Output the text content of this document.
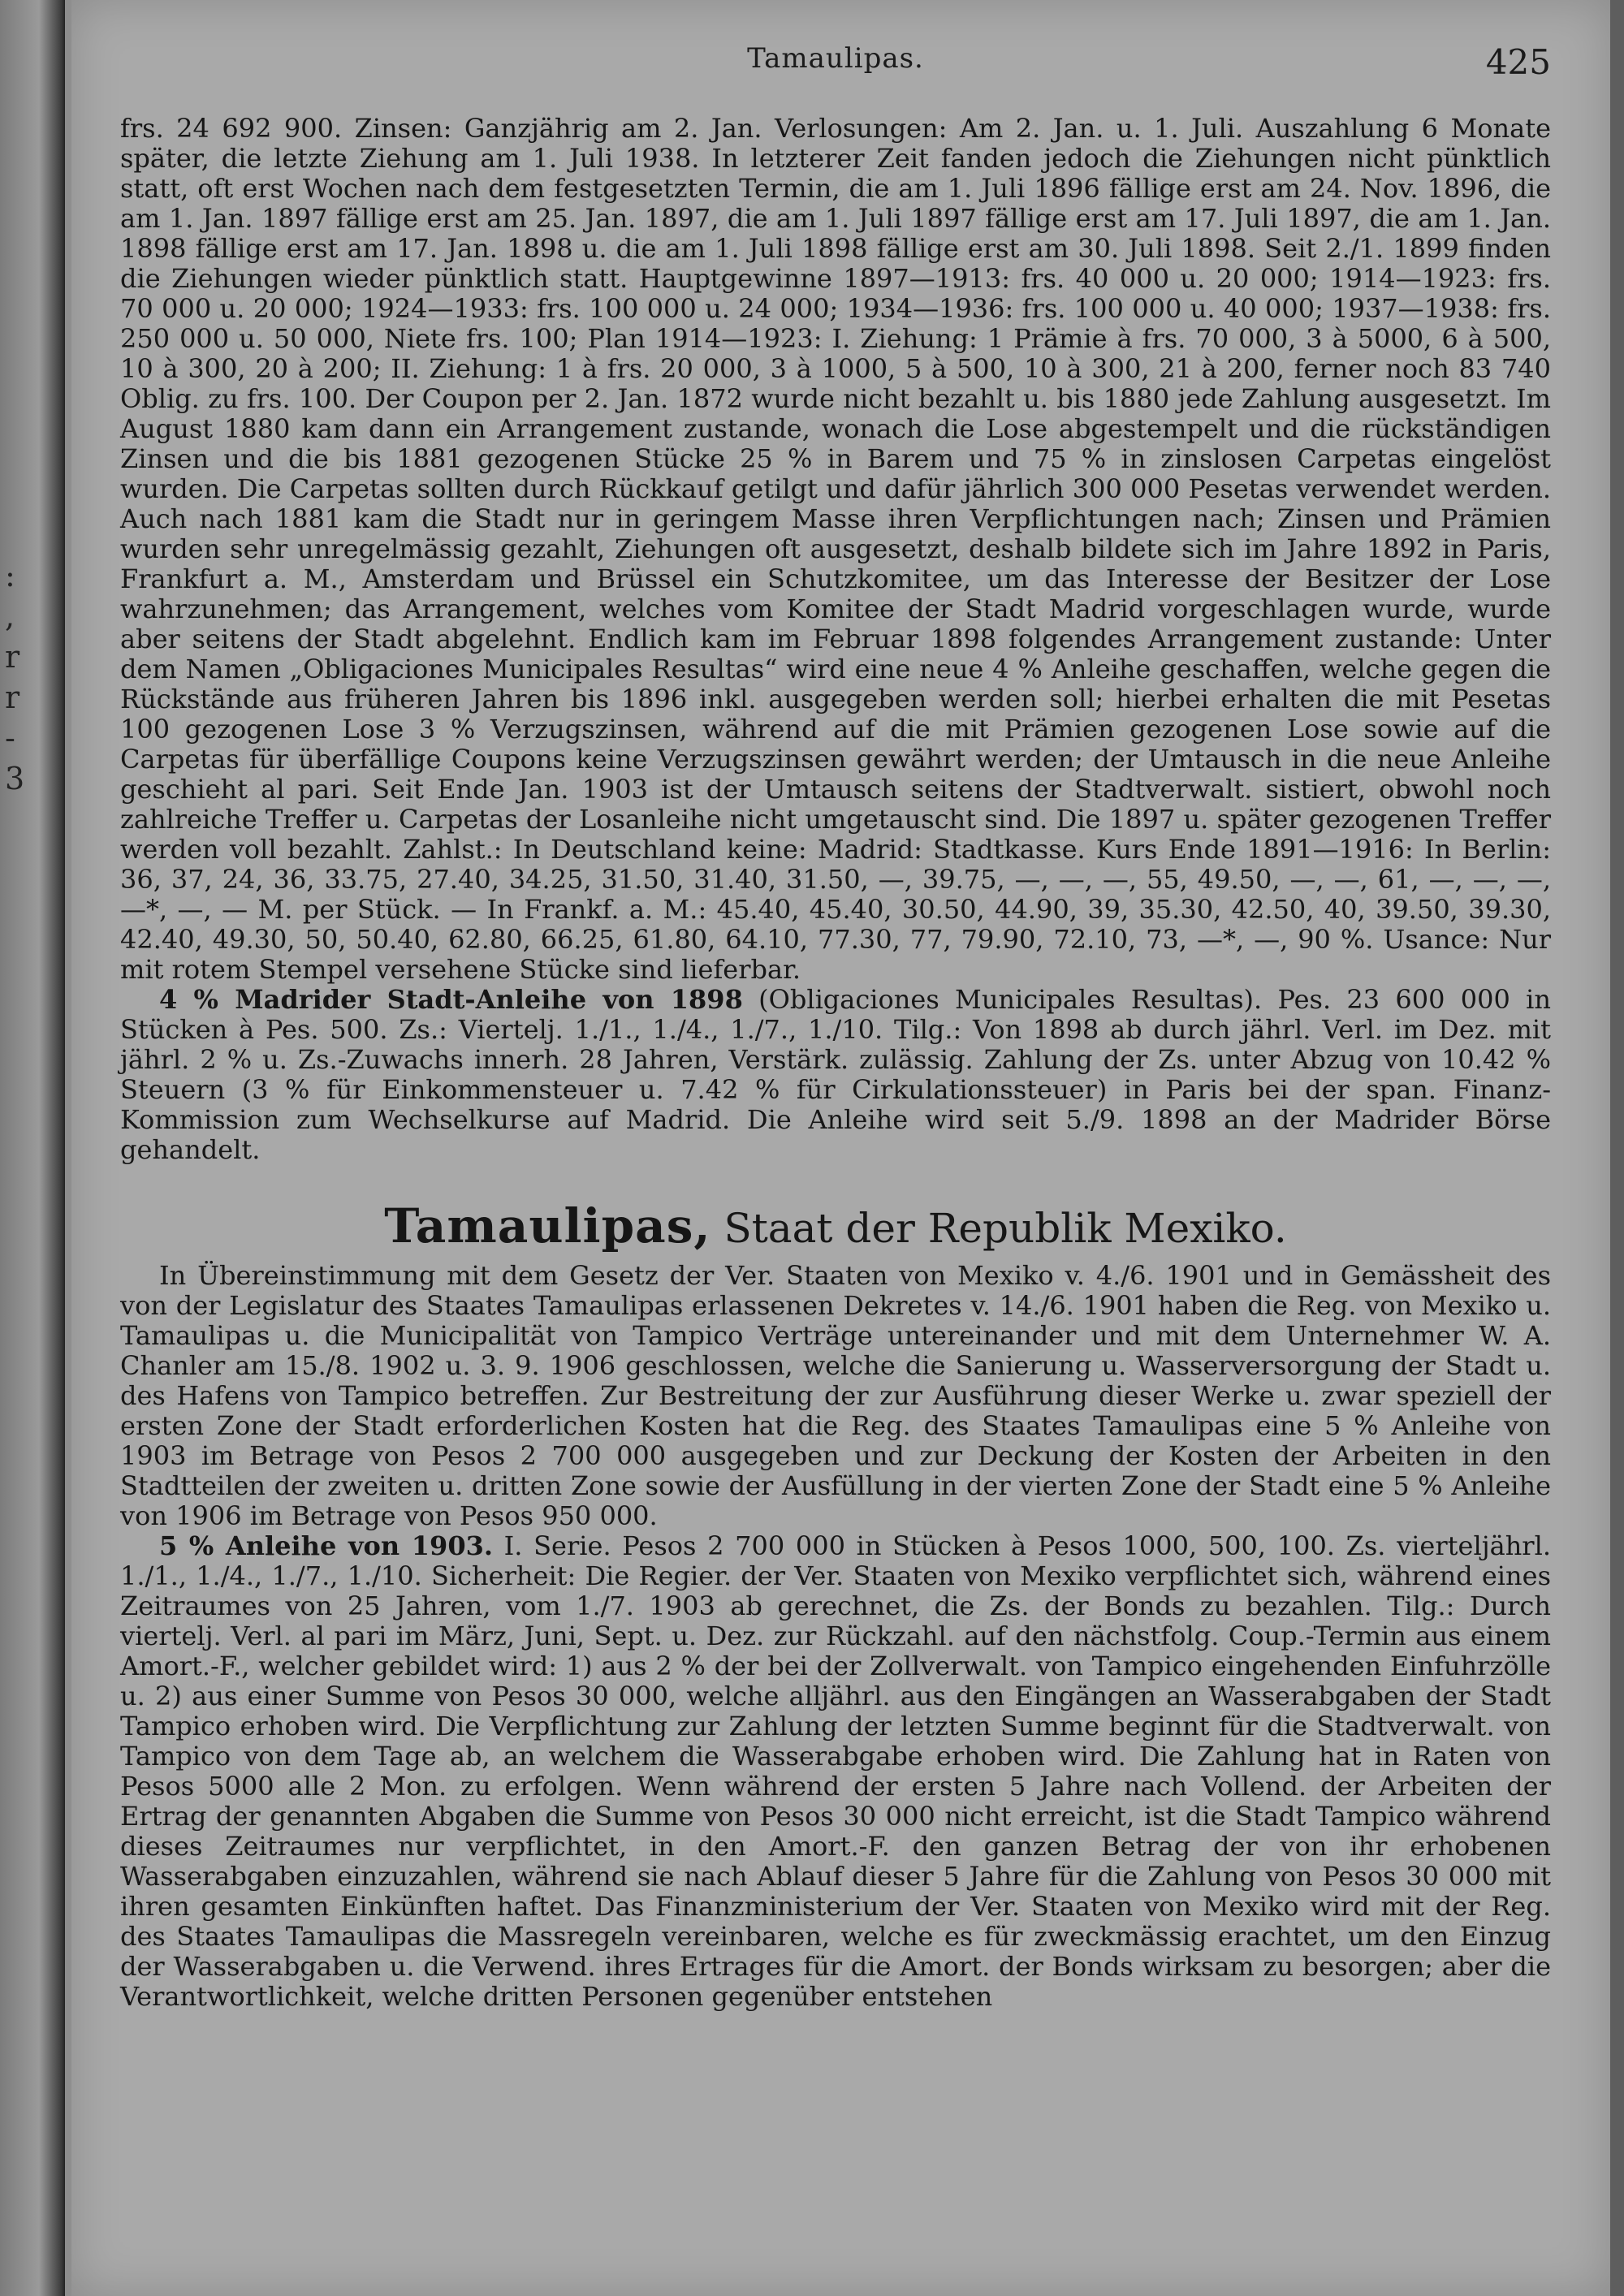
:
,
r
r
-
3
Tamaulipas.	425

frs. 24 692 900. Zinsen: Ganzjährig am 2. Jan. Verlosungen: Am 2. Jan. u. 1. Juli. Auszahlung 6 Monate später, die letzte Ziehung am 1. Juli 1938. In letzterer Zeit fanden jedoch die Ziehungen nicht pünktlich statt, oft erst Wochen nach dem festgesetzten Termin, die am 1. Juli 1896 fällige erst am 24. Nov. 1896, die am 1. Jan. 1897 fällige erst am 25. Jan. 1897, die am 1. Juli 1897 fällige erst am 17. Juli 1897, die am 1. Jan. 1898 fällige erst am 17. Jan. 1898 u. die am 1. Juli 1898 fällige erst am 30. Juli 1898. Seit 2./1. 1899 finden die Ziehungen wieder pünktlich statt. Hauptgewinne 1897—1913: frs. 40 000 u. 20 000; 1914—1923: frs. 70 000 u. 20 000; 1924—1933: frs. 100 000 u. 24 000; 1934—1936: frs. 100 000 u. 40 000; 1937—1938: frs. 250 000 u. 50 000, Niete frs. 100; Plan 1914—1923: I. Ziehung: 1 Prämie à frs. 70 000, 3 à 5000, 6 à 500, 10 à 300, 20 à 200; II. Ziehung: 1 à frs. 20 000, 3 à 1000, 5 à 500, 10 à 300, 21 à 200, ferner noch 83 740 Oblig. zu frs. 100. Der Coupon per 2. Jan. 1872 wurde nicht bezahlt u. bis 1880 jede Zahlung ausgesetzt. Im August 1880 kam dann ein Arrangement zustande, wonach die Lose abgestempelt und die rückständigen Zinsen und die bis 1881 gezogenen Stücke 25 % in Barem und 75 % in zinslosen Carpetas eingelöst wurden. Die Carpetas sollten durch Rückkauf getilgt und dafür jährlich 300 000 Pesetas verwendet werden. Auch nach 1881 kam die Stadt nur in geringem Masse ihren Verpflichtungen nach; Zinsen und Prämien wurden sehr unregelmässig gezahlt, Ziehungen oft ausgesetzt, deshalb bildete sich im Jahre 1892 in Paris, Frankfurt a. M., Amsterdam und Brüssel ein Schutzkomitee, um das Interesse der Besitzer der Lose wahrzunehmen; das Arrangement, welches vom Komitee der Stadt Madrid vorgeschlagen wurde, wurde aber seitens der Stadt abgelehnt. Endlich kam im Februar 1898 folgendes Arrangement zustande: Unter dem Namen „Obligaciones Municipales Resultas“ wird eine neue 4 % Anleihe geschaffen, welche gegen die Rückstände aus früheren Jahren bis 1896 inkl. ausgegeben werden soll; hierbei erhalten die mit Pesetas 100 gezogenen Lose 3 % Verzugszinsen, während auf die mit Prämien gezogenen Lose sowie auf die Carpetas für überfällige Coupons keine Verzugszinsen gewährt werden; der Umtausch in die neue Anleihe geschieht al pari. Seit Ende Jan. 1903 ist der Umtausch seitens der Stadtverwalt. sistiert, obwohl noch zahlreiche Treffer u. Carpetas der Losanleihe nicht umgetauscht sind. Die 1897 u. später gezogenen Treffer werden voll bezahlt. Zahlst.: In Deutschland keine: Madrid: Stadtkasse. Kurs Ende 1891—1916: In Berlin: 36, 37, 24, 36, 33.75, 27.40, 34.25, 31.50, 31.40, 31.50, —, 39.75, —, —, —, 55, 49.50, —, —, 61, —, —, —, —*, —, — M. per Stück. — In Frankf. a. M.: 45.40, 45.40, 30.50, 44.90, 39, 35.30, 42.50, 40, 39.50, 39.30, 42.40, 49.30, 50, 50.40, 62.80, 66.25, 61.80, 64.10, 77.30, 77, 79.90, 72.10, 73, —*, —, 90 %. Usance: Nur mit rotem Stempel versehene Stücke sind lieferbar.

4 % Madrider Stadt-Anleihe von 1898 (Obligaciones Municipales Resultas). Pes. 23 600 000 in Stücken à Pes. 500. Zs.: Viertelj. 1./1., 1./4., 1./7., 1./10. Tilg.: Von 1898 ab durch jährl. Verl. im Dez. mit jährl. 2 % u. Zs.-Zuwachs innerh. 28 Jahren, Verstärk. zulässig. Zahlung der Zs. unter Abzug von 10.42 % Steuern (3 % für Einkommensteuer u. 7.42 % für Cirkulationssteuer) in Paris bei der span. Finanz-Kommission zum Wechselkurse auf Madrid. Die Anleihe wird seit 5./9. 1898 an der Madrider Börse gehandelt.

Tamaulipas, Staat der Republik Mexiko.

In Übereinstimmung mit dem Gesetz der Ver. Staaten von Mexiko v. 4./6. 1901 und in Gemässheit des von der Legislatur des Staates Tamaulipas erlassenen Dekretes v. 14./6. 1901 haben die Reg. von Mexiko u. Tamaulipas u. die Municipalität von Tampico Verträge untereinander und mit dem Unternehmer W. A. Chanler am 15./8. 1902 u. 3. 9. 1906 geschlossen, welche die Sanierung u. Wasserversorgung der Stadt u. des Hafens von Tampico betreffen. Zur Bestreitung der zur Ausführung dieser Werke u. zwar speziell der ersten Zone der Stadt erforderlichen Kosten hat die Reg. des Staates Tamaulipas eine 5 % Anleihe von 1903 im Betrage von Pesos 2 700 000 ausgegeben und zur Deckung der Kosten der Arbeiten in den Stadtteilen der zweiten u. dritten Zone sowie der Ausfüllung in der vierten Zone der Stadt eine 5 % Anleihe von 1906 im Betrage von Pesos 950 000.

5 % Anleihe von 1903. I. Serie. Pesos 2 700 000 in Stücken à Pesos 1000, 500, 100. Zs. vierteljährl. 1./1., 1./4., 1./7., 1./10. Sicherheit: Die Regier. der Ver. Staaten von Mexiko verpflichtet sich, während eines Zeitraumes von 25 Jahren, vom 1./7. 1903 ab gerechnet, die Zs. der Bonds zu bezahlen. Tilg.: Durch viertelj. Verl. al pari im März, Juni, Sept. u. Dez. zur Rückzahl. auf den nächstfolg. Coup.-Termin aus einem Amort.-F., welcher gebildet wird: 1) aus 2 % der bei der Zollverwalt. von Tampico eingehenden Einfuhrzölle u. 2) aus einer Summe von Pesos 30 000, welche alljährl. aus den Eingängen an Wasserabgaben der Stadt Tampico erhoben wird. Die Verpflichtung zur Zahlung der letzten Summe beginnt für die Stadtverwalt. von Tampico von dem Tage ab, an welchem die Wasserabgabe erhoben wird. Die Zahlung hat in Raten von Pesos 5000 alle 2 Mon. zu erfolgen. Wenn während der ersten 5 Jahre nach Vollend. der Arbeiten der Ertrag der genannten Abgaben die Summe von Pesos 30 000 nicht erreicht, ist die Stadt Tampico während dieses Zeitraumes nur verpflichtet, in den Amort.-F. den ganzen Betrag der von ihr erhobenen Wasserabgaben einzuzahlen, während sie nach Ablauf dieser 5 Jahre für die Zahlung von Pesos 30 000 mit ihren gesamten Einkünften haftet. Das Finanzministerium der Ver. Staaten von Mexiko wird mit der Reg. des Staates Tamaulipas die Massregeln vereinbaren, welche es für zweckmässig erachtet, um den Einzug der Wasserabgaben u. die Verwend. ihres Ertrages für die Amort. der Bonds wirksam zu besorgen; aber die Verantwortlichkeit, welche dritten Personen gegenüber entstehen
